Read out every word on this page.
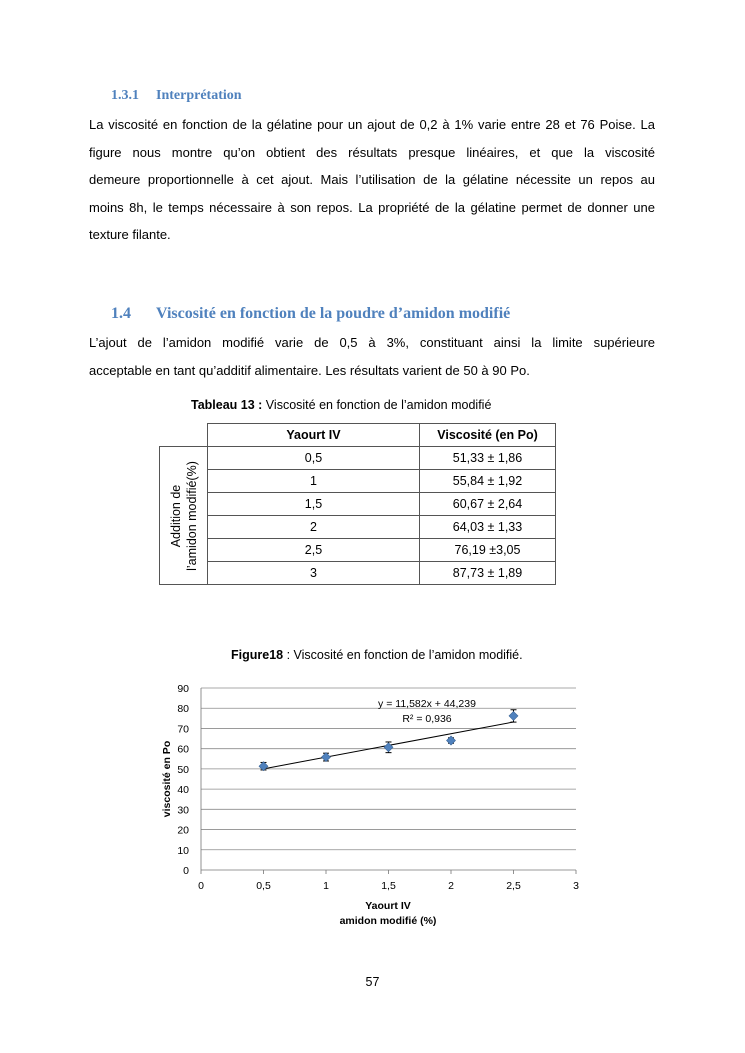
1.3.1 Interprétation
La viscosité en fonction de la gélatine pour un ajout de 0,2 à 1% varie entre 28 et 76 Poise. La
figure nous montre qu’on obtient des résultats presque linéaires, et que la viscosité
demeure proportionnelle à cet ajout. Mais l’utilisation de la gélatine nécessite un repos au
moins 8h, le temps nécessaire à son repos. La propriété de la gélatine permet de donner une
texture filante.
1.4 Viscosité en fonction de la poudre d’amidon modifié
L’ajout de l’amidon modifié varie de 0,5 à 3%, constituant ainsi la limite supérieure
acceptable en tant qu’additif alimentaire. Les résultats varient de 50 à 90 Po.
Tableau 13 : Viscosité en fonction de l’amidon modifié
	Yaourt IV	Viscosité (en Po)

Addition de l’amidon modifié(%)	0,5	51,33 ± 1,86
	1	55,84 ± 1,92
	1,5	60,67 ± 2,64
	2	64,03 ± 1,33
	2,5	76,19 ±3,05
	3	87,73 ± 1,89
Figure18 : Viscosité en fonction de l’amidon modifié.
0
10
20
30
40
50
60
70
80
90
0	0,5	1	1,5	2	2,5	3
y = 11,582x + 44,239
R² = 0,936
Yaourt IV
amidon modifié (%)
viscosité en Po
57
